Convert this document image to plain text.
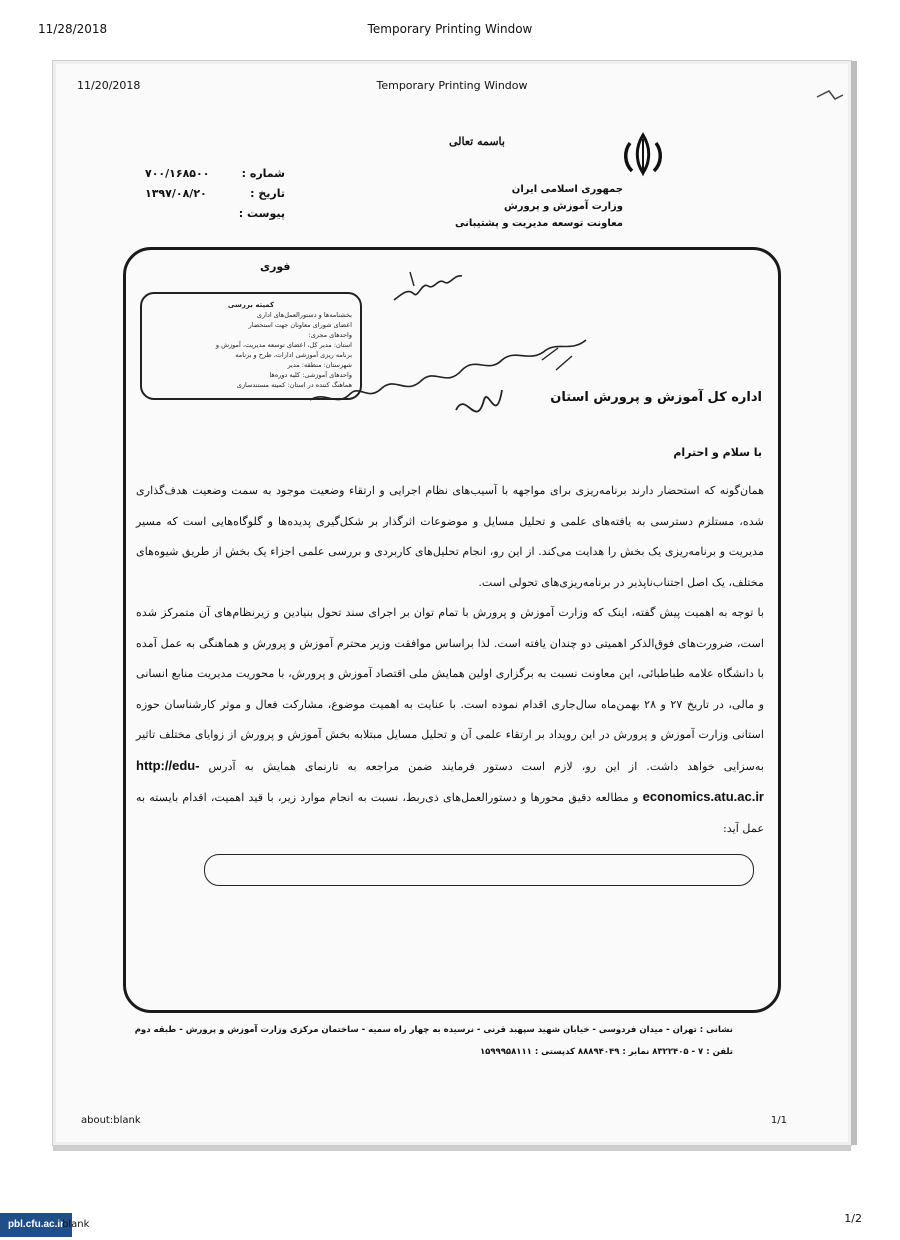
11/28/2018	Temporary Printing Window
11/20/2018	Temporary Printing Window
باسمه تعالی
جمهوری اسلامی ایران
وزارت آموزش و پرورش
معاونت توسعه مدیریت و پشتیبانی
شماره :
۷۰۰/۱۶۸۵۰۰
تاریخ :
۱۳۹۷/۰۸/۲۰
پیوست :
فوری
کمیته بررسی
بخشنامه‌ها و دستورالعمل‌های اداری
اعضای شورای معاونان جهت استحضار
واحدهای مجری:
استان: مدیر کل، اعضای توسعه مدیریت، آموزش و
برنامه ریزی آموزشی ادارات، طرح و برنامه
شهرستان: منطقه: مدیر
واحدهای آموزشی: کلیه دوره‌ها
هماهنگ کننده در استان: کمیته مستندسازی
اداره کل آموزش و پرورش استان
با سلام و احترام

همان‌گونه که استحضار دارند برنامه‌ریزی برای مواجهه با آسیب‌های نظام اجرایی و ارتقاء وضعیت موجود به سمت وضعیت هدف‌گذاری شده، مستلزم دسترسی به یافته‌های علمی و تحلیل مسایل و موضوعات اثرگذار بر شکل‌گیری پدیده‌ها و گلوگاه‌هایی است که مسیر مدیریت و برنامه‌ریزی یک بخش را هدایت می‌کند. از این رو، انجام تحلیل‌های کاربردی و بررسی علمی اجزاء یک بخش از طریق شیوه‌های مختلف، یک اصل اجتناب‌ناپذیر در برنامه‌ریزی‌های تحولی است.

با توجه به اهمیت پیش گفته، اینک که وزارت آموزش و پرورش با تمام توان بر اجرای سند تحول بنیادین و زیرنظام‌های آن متمرکز شده است، ضرورت‌های فوق‌الذکر اهمیتی دو چندان یافته است. لذا براساس موافقت وزیر محترم آموزش و پرورش و هماهنگی به عمل آمده با دانشگاه علامه طباطبائی، این معاونت نسبت به برگزاری اولین همایش ملی اقتصاد آموزش و پرورش، با محوریت مدیریت منابع انسانی و مالی، در تاریخ ۲۷ و ۲۸ بهمن‌ماه سال‌جاری اقدام نموده است. با عنایت به اهمیت موضوع، مشارکت فعال و موثر کارشناسان حوزه استانی وزارت آموزش و پرورش در این رویداد بر ارتقاء علمی آن و تحلیل مسایل مبتلابه بخش آموزش و پرورش از زوایای مختلف تاثیر به‌سزایی خواهد داشت. از این رو، لازم است دستور فرمایند ضمن مراجعه به تارنمای همایش به آدرس http://edu-economics.atu.ac.ir و مطالعه دقیق محورها و دستورالعمل‌های ذی‌ربط، نسبت به انجام موارد زیر، با قید اهمیت، اقدام بایسته به عمل آید:

نشانی : تهران - میدان فردوسی - خیابان شهید سپهبد قرنی - نرسیده به چهار راه سمیه - ساختمان مرکزی وزارت آموزش و پرورش - طبقه دوم
تلفن : ۷ - ۸۳۲۲۴۰۵ نمابر : ۸۸۸۹۴۰۴۹ کدپستی : ۱۵۹۹۹۵۸۱۱۱
about:blank	1/1
pbl.cfu.ac.ir
blank	1/2
